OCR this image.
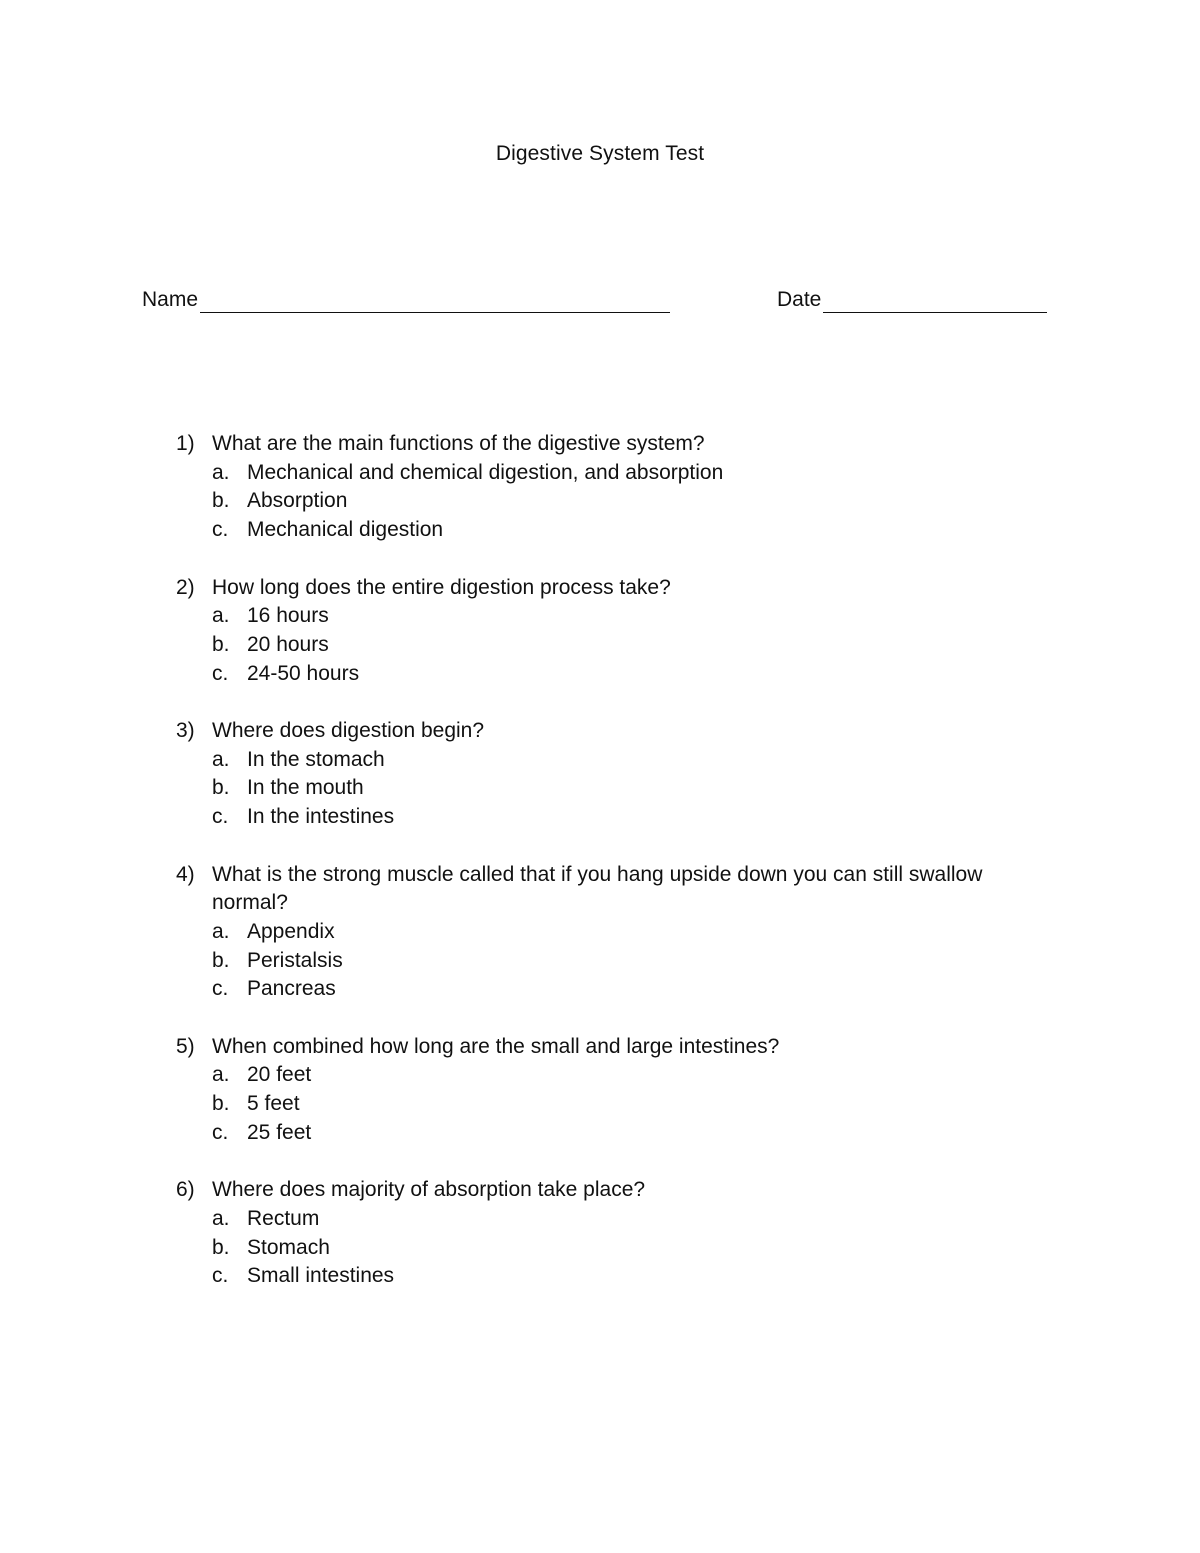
Digestive System Test
Name	Date
1) What are the main functions of the digestive system?
a. Mechanical and chemical digestion, and absorption
b. Absorption
c. Mechanical digestion
2) How long does the entire digestion process take?
a. 16 hours
b. 20 hours
c. 24-50 hours
3) Where does digestion begin?
a. In the stomach
b. In the mouth
c. In the intestines
4) What is the strong muscle called that if you hang upside down you can still swallow normal?
a. Appendix
b. Peristalsis
c. Pancreas
5) When combined how long are the small and large intestines?
a. 20 feet
b. 5 feet
c. 25 feet
6) Where does majority of absorption take place?
a. Rectum
b. Stomach
c. Small intestines
